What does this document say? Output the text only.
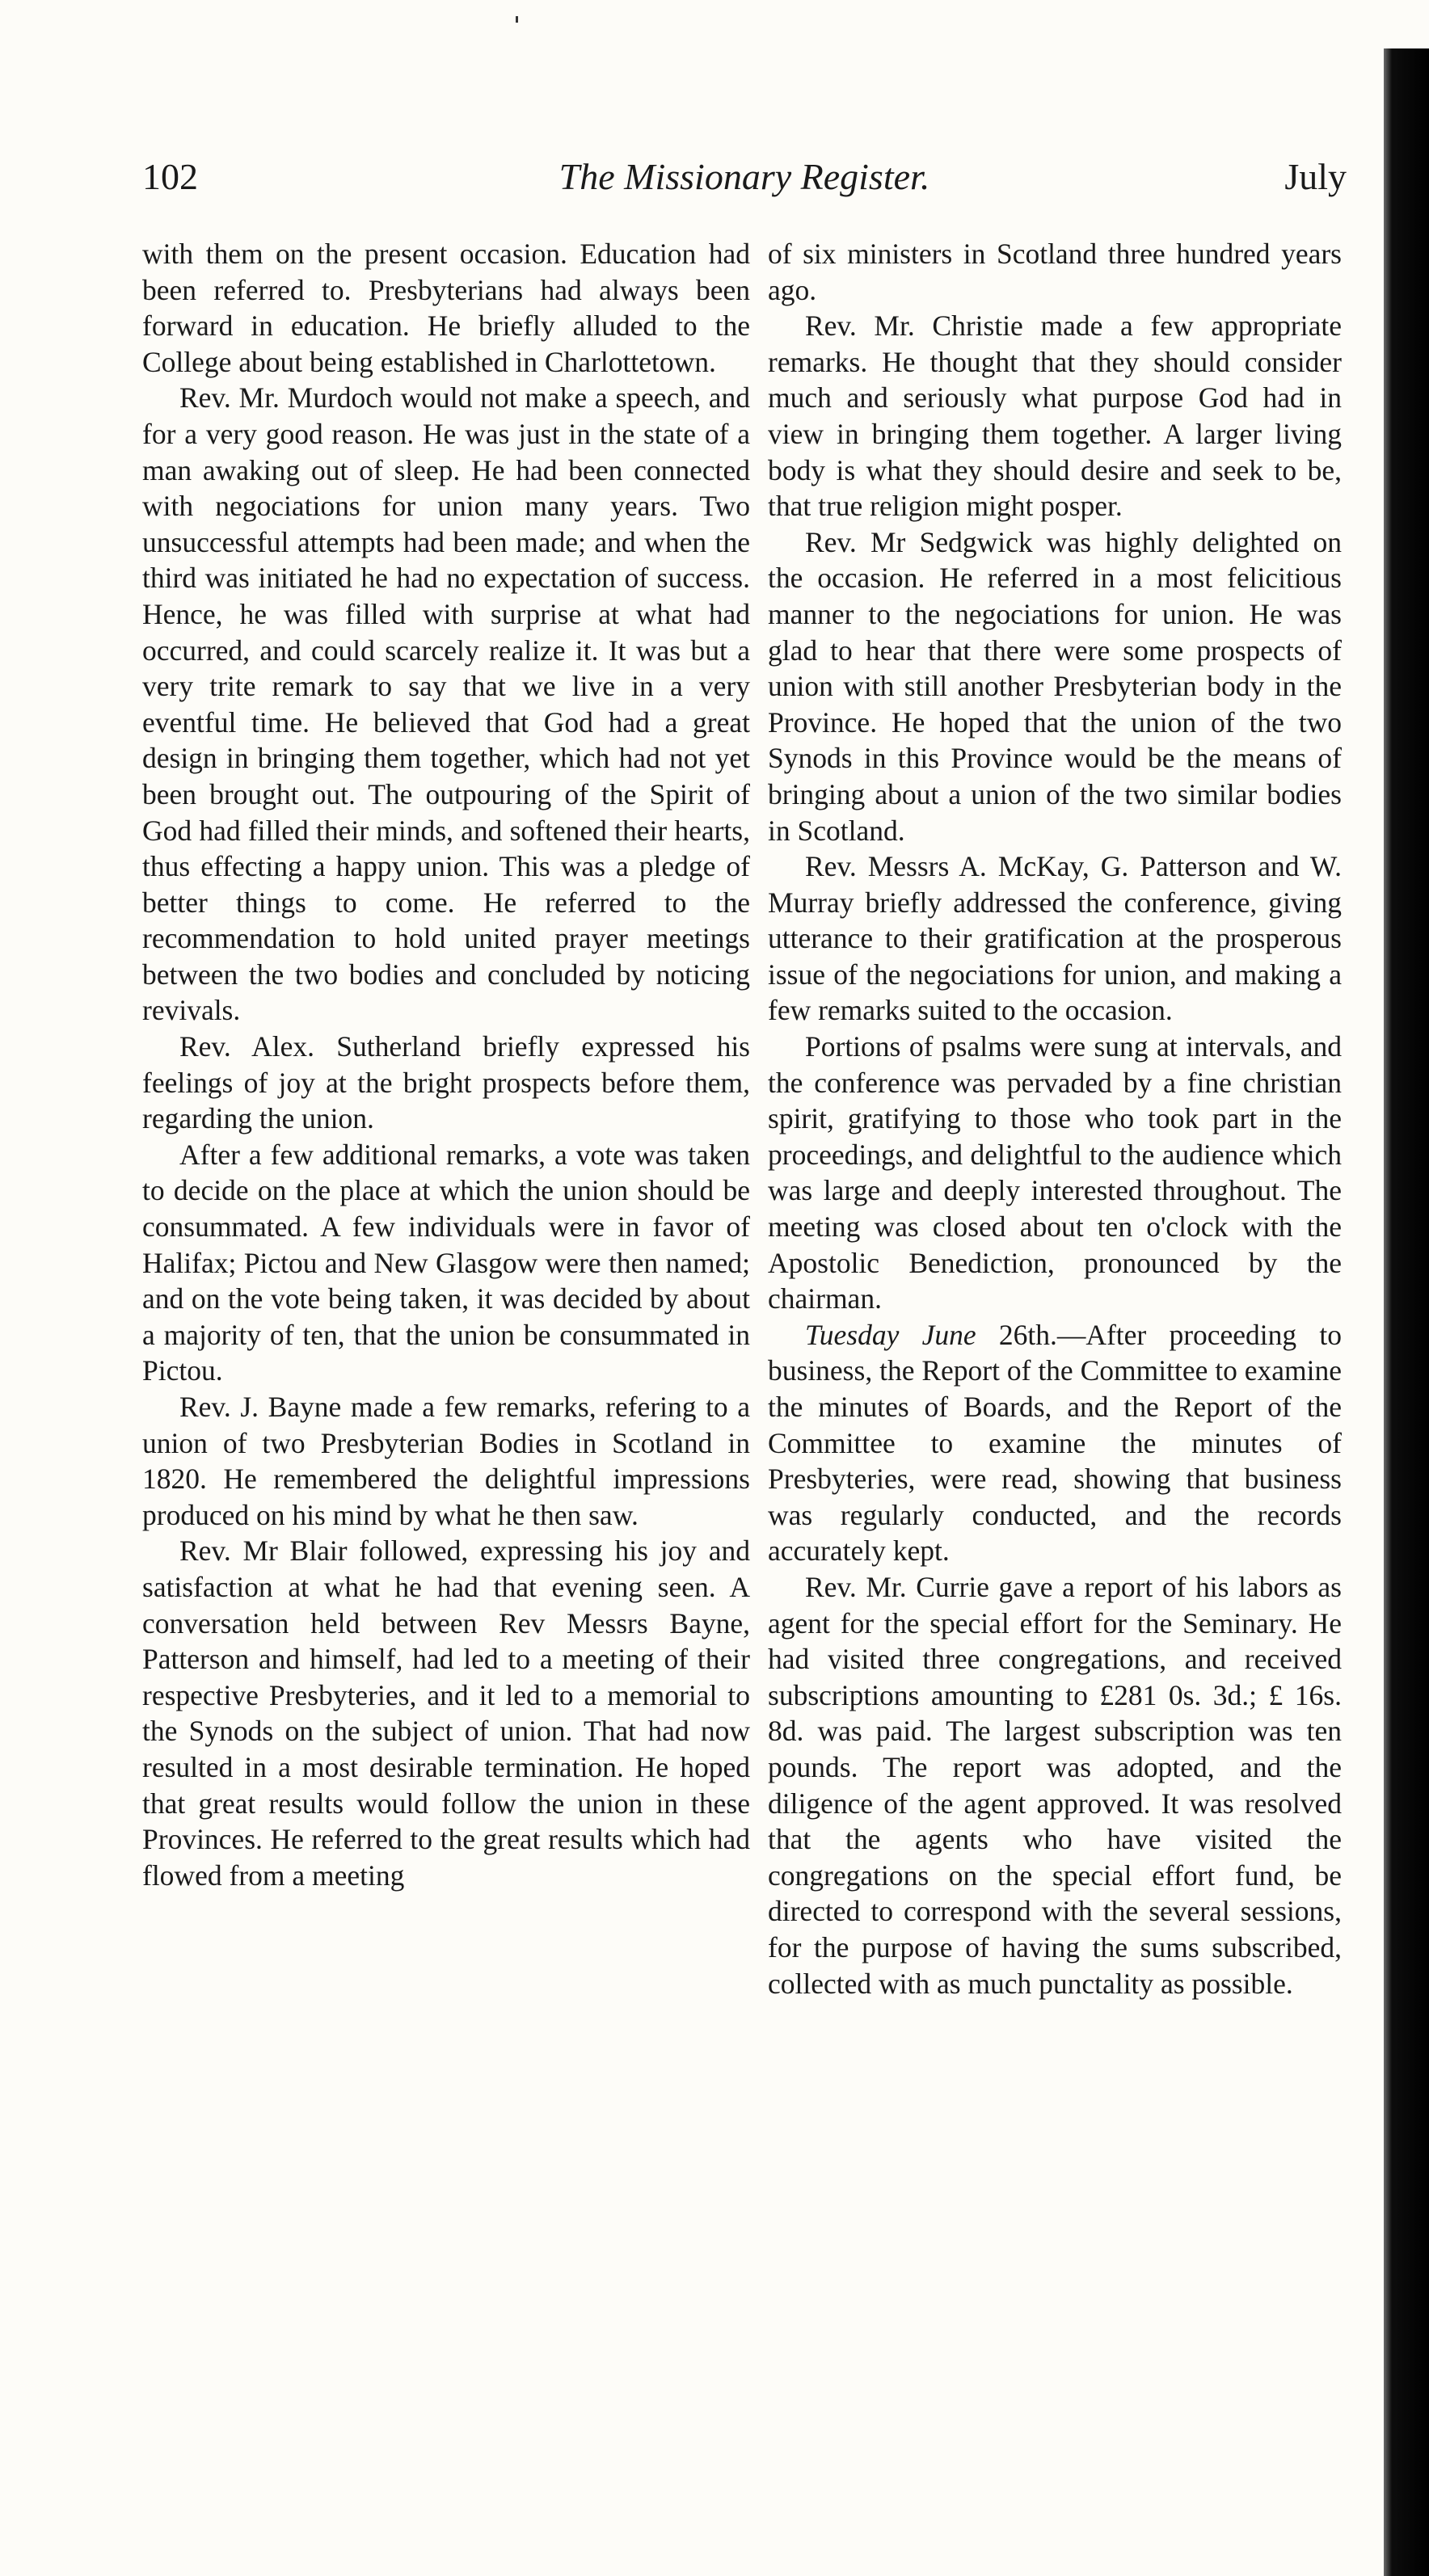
102	The Missionary Register.	July

with them on the present occasion. Education had been referred to. Presbyterians had always been forward in education. He briefly alluded to the College about being established in Charlottetown.

Rev. Mr. Murdoch would not make a speech, and for a very good reason. He was just in the state of a man awaking out of sleep. He had been connected with negociations for union many years. Two unsuccessful attempts had been made; and when the third was initiated he had no expectation of success. Hence, he was filled with surprise at what had occurred, and could scarcely realize it. It was but a very trite remark to say that we live in a very eventful time. He believed that God had a great design in bringing them together, which had not yet been brought out. The outpouring of the Spirit of God had filled their minds, and softened their hearts, thus effecting a happy union. This was a pledge of better things to come. He referred to the recommendation to hold united prayer meetings between the two bodies and concluded by noticing revivals.

Rev. Alex. Sutherland briefly expressed his feelings of joy at the bright prospects before them, regarding the union.

After a few additional remarks, a vote was taken to decide on the place at which the union should be consummated. A few individuals were in favor of Halifax; Pictou and New Glasgow were then named; and on the vote being taken, it was decided by about a majority of ten, that the union be consummated in Pictou.

Rev. J. Bayne made a few remarks, refering to a union of two Presbyterian Bodies in Scotland in 1820. He remembered the delightful impressions produced on his mind by what he then saw.

Rev. Mr Blair followed, expressing his joy and satisfaction at what he had that evening seen. A conversation held between Rev Messrs Bayne, Patterson and himself, had led to a meeting of their respective Presbyteries, and it led to a memorial to the Synods on the subject of union. That had now resulted in a most desirable termination. He hoped that great results would follow the union in these Provinces. He referred to the great results which had flowed from a meeting

of six ministers in Scotland three hundred years ago.

Rev. Mr. Christie made a few appropriate remarks. He thought that they should consider much and seriously what purpose God had in view in bringing them together. A larger living body is what they should desire and seek to be, that true religion might posper.

Rev. Mr Sedgwick was highly delighted on the occasion. He referred in a most felicitious manner to the negociations for union. He was glad to hear that there were some prospects of union with still another Presbyterian body in the Province. He hoped that the union of the two Synods in this Province would be the means of bringing about a union of the two similar bodies in Scotland.

Rev. Messrs A. McKay, G. Patterson and W. Murray briefly addressed the conference, giving utterance to their gratification at the prosperous issue of the negociations for union, and making a few remarks suited to the occasion.

Portions of psalms were sung at intervals, and the conference was pervaded by a fine christian spirit, gratifying to those who took part in the proceedings, and delightful to the audience which was large and deeply interested throughout. The meeting was closed about ten o'clock with the Apostolic Benediction, pronounced by the chairman.

Tuesday June 26th.—After proceeding to business, the Report of the Committee to examine the minutes of Boards, and the Report of the Committee to examine the minutes of Presbyteries, were read, showing that business was regularly conducted, and the records accurately kept.

Rev. Mr. Currie gave a report of his labors as agent for the special effort for the Seminary. He had visited three congregations, and received subscriptions amounting to £281 0s. 3d.; £ 16s. 8d. was paid. The largest subscription was ten pounds. The report was adopted, and the diligence of the agent approved. It was resolved that the agents who have visited the congregations on the special effort fund, be directed to correspond with the several sessions, for the purpose of having the sums subscribed, collected with as much punctality as possible.
